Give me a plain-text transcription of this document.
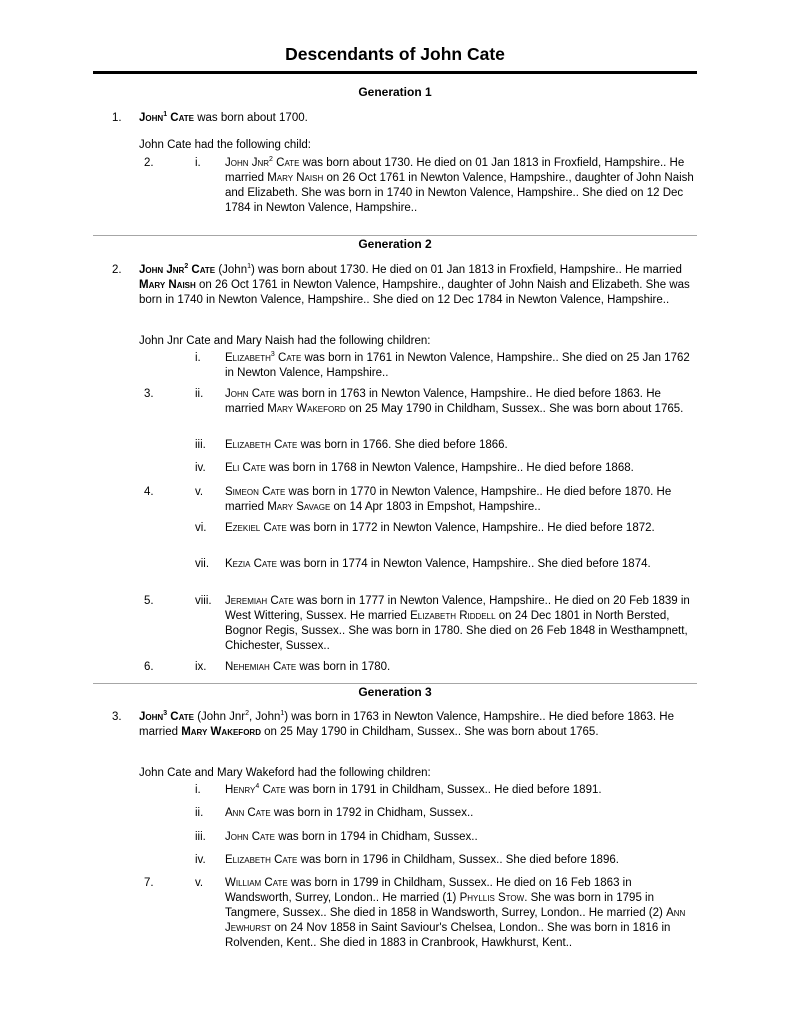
Descendants of John Cate
Generation 1
1. John$^1$ Cate was born about 1700.
John Cate had the following child:
2.	i.	John Jnr$^2$ Cate was born about 1730. He died on 01 Jan 1813 in Froxfield, Hampshire.. He married Mary Naish on 26 Oct 1761 in Newton Valence, Hampshire., daughter of John Naish and Elizabeth. She was born in 1740 in Newton Valence, Hampshire.. She died on 12 Dec 1784 in Newton Valence, Hampshire..
Generation 2
2. John Jnr$^2$ Cate (John$^1$) was born about 1730. He died on 01 Jan 1813 in Froxfield, Hampshire.. He married Mary Naish on 26 Oct 1761 in Newton Valence, Hampshire., daughter of John Naish and Elizabeth. She was born in 1740 in Newton Valence, Hampshire.. She died on 12 Dec 1784 in Newton Valence, Hampshire..
John Jnr Cate and Mary Naish had the following children:
i.	Elizabeth$^3$ Cate was born in 1761 in Newton Valence, Hampshire.. She died on 25 Jan 1762 in Newton Valence, Hampshire..
3.	ii.	John Cate was born in 1763 in Newton Valence, Hampshire.. He died before 1863. He married Mary Wakeford on 25 May 1790 in Childham, Sussex.. She was born about 1765.
iii.	Elizabeth Cate was born in 1766. She died before 1866.
iv.	Eli Cate was born in 1768 in Newton Valence, Hampshire.. He died before 1868.
4.	v.	Simeon Cate was born in 1770 in Newton Valence, Hampshire.. He died before 1870. He married Mary Savage on 14 Apr 1803 in Empshot, Hampshire..
vi.	Ezekiel Cate was born in 1772 in Newton Valence, Hampshire.. He died before 1872.
vii.	Kezia Cate was born in 1774 in Newton Valence, Hampshire.. She died before 1874.
5.	viii.	Jeremiah Cate was born in 1777 in Newton Valence, Hampshire.. He died on 20 Feb 1839 in West Wittering, Sussex. He married Elizabeth Riddell on 24 Dec 1801 in North Bersted, Bognor Regis, Sussex.. She was born in 1780. She died on 26 Feb 1848 in Westhampnett, Chichester, Sussex..
6.	ix.	Nehemiah Cate was born in 1780.
Generation 3
3. John$^3$ Cate (John Jnr$^2$, John$^1$) was born in 1763 in Newton Valence, Hampshire.. He died before 1863. He married Mary Wakeford on 25 May 1790 in Childham, Sussex.. She was born about 1765.
John Cate and Mary Wakeford had the following children:
i.	Henry$^4$ Cate was born in 1791 in Childham, Sussex.. He died before 1891.
ii.	Ann Cate was born in 1792 in Chidham, Sussex..
iii.	John Cate was born in 1794 in Chidham, Sussex..
iv.	Elizabeth Cate was born in 1796 in Childham, Sussex.. She died before 1896.
7.	v.	William Cate was born in 1799 in Childham, Sussex.. He died on 16 Feb 1863 in Wandsworth, Surrey, London.. He married (1) Phyllis Stow. She was born in 1795 in Tangmere, Sussex.. She died in 1858 in Wandsworth, Surrey, London.. He married (2) Ann Jewhurst on 24 Nov 1858 in Saint Saviour's Chelsea, London.. She was born in 1816 in Rolvenden, Kent.. She died in 1883 in Cranbrook, Hawkhurst, Kent..
